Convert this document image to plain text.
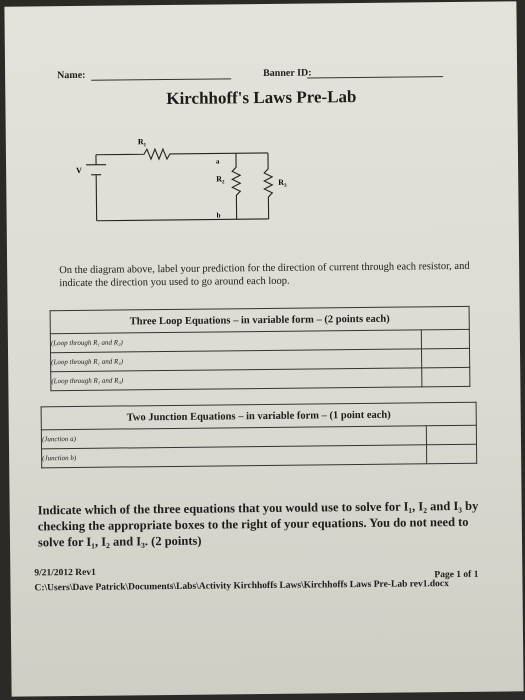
Name:	Banner ID:
Kirchhoff's Laws Pre-Lab
$R_1$
$R_2$	$R_3$
V
a
b
On the diagram above, label your prediction for the direction of current through each resistor, and indicate the direction you used to go around each loop.
Three Loop Equations – in variable form – (2 points each)	
(Loop through R₁ and R₂)	
(Loop through R₁ and R₃)	
(Loop through R₂ and R₃)	
Two Junction Equations – in variable form – (1 point each)	
(Junction a)	
(Junction b)	
Indicate which of the three equations that you would use to solve for I₁, I₂ and I₃ by checking the appropriate boxes to the right of your equations. You do not need to solve for I₁, I₂ and I₃. (2 points)
9/21/2012 Rev1	Page 1 of 1
C:\Users\Dave Patrick\Documents\Labs\Activity Kirchhoffs Laws\Kirchhoffs Laws Pre-Lab rev1.docx
